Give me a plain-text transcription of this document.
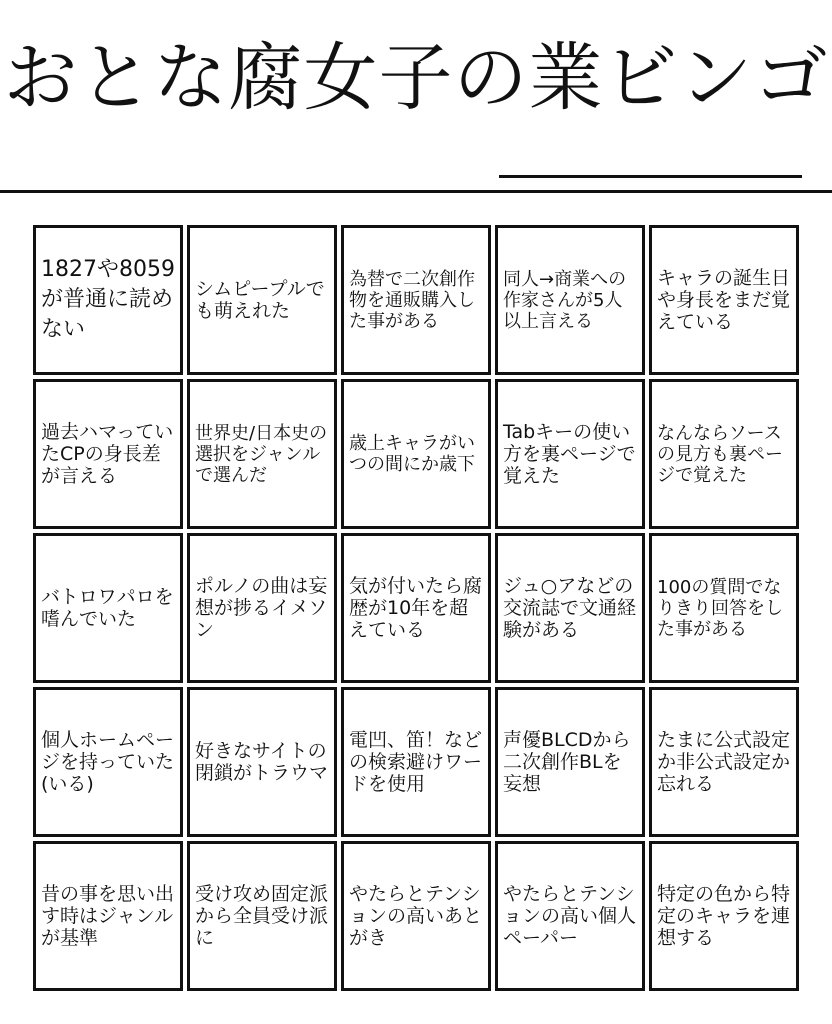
おとな腐女子の業ビンゴ
1827や8059が普通に読めない
シムピープルでも萌えれた
為替で二次創作物を通販購入した事がある
同人→商業への作家さんが5人以上言える
キャラの誕生日や身長をまだ覚えている
過去ハマっていたCPの身長差が言える
世界史/日本史の選択をジャンルで選んだ
歳上キャラがいつの間にか歳下
Tabキーの使い方を裏ページで覚えた
なんならソースの見方も裏ページで覚えた
バトロワパロを嗜んでいた
ポルノの曲は妄想が捗るイメソン
気が付いたら腐歴が10年を超えている
ジュ○アなどの交流誌で文通経験がある
100の質問でなりきり回答をした事がある
個人ホームページを持っていた(いる)
好きなサイトの閉鎖がトラウマ
電凹、笛！などの検索避けワードを使用
声優BLCDから二次創作BLを妄想
たまに公式設定か非公式設定か忘れる
昔の事を思い出す時はジャンルが基準
受け攻め固定派から全員受け派に
やたらとテンションの高いあとがき
やたらとテンションの高い個人ペーパー
特定の色から特定のキャラを連想する
